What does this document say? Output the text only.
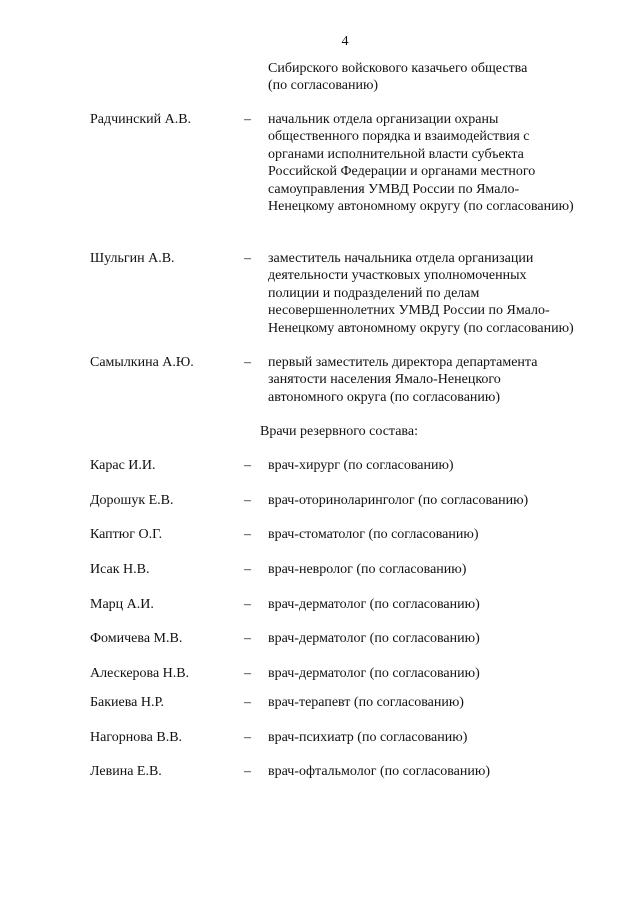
4
Сибирского войскового казачьего общества
(по согласованию)
Радчинский А.В.	– начальник отдела организации охраны
общественного порядка и взаимодействия с
органами исполнительной власти субъекта
Российской Федерации и органами местного
самоуправления УМВД России по Ямало-
Ненецкому автономному округу (по согласованию)
Шульгин А.В.	– заместитель начальника отдела организации
деятельности участковых уполномоченных
полиции и подразделений по делам
несовершеннолетних УМВД России по Ямало-
Ненецкому автономному округу (по согласованию)
Самылкина А.Ю.	– первый заместитель директора департамента
занятости населения Ямало-Ненецкого
автономного округа (по согласованию)
Врачи резервного состава:
Карас И.И.	– врач-хирург (по согласованию)
Дорошук Е.В.	– врач-оториноларинголог (по согласованию)
Каптюг О.Г.	– врач-стоматолог (по согласованию)
Исак Н.В.	– врач-невролог (по согласованию)
Марц А.И.	– врач-дерматолог (по согласованию)
Фомичева М.В.	– врач-дерматолог (по согласованию)
Алескерова Н.В.	– врач-дерматолог (по согласованию)
Бакиева Н.Р.	– врач-терапевт (по согласованию)
Нагорнова В.В.	– врач-психиатр (по согласованию)
Левина Е.В.	– врач-офтальмолог (по согласованию)
